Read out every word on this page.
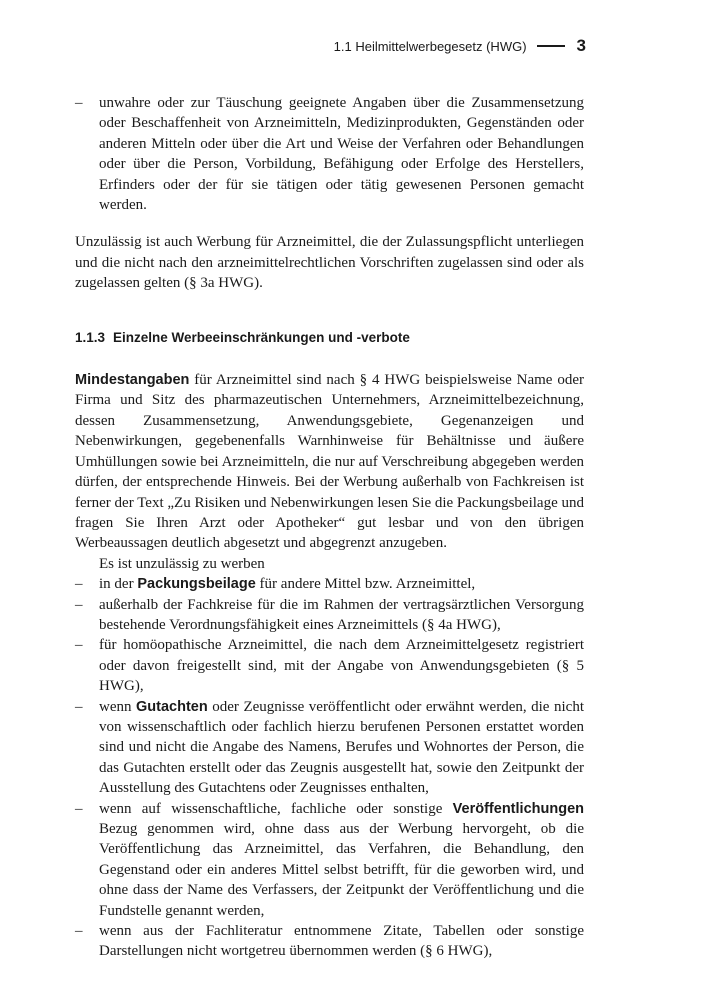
1.1 Heilmittelwerbegesetz (HWG)	3
– unwahre oder zur Täuschung geeignete Angaben über die Zusammensetzung oder Beschaffenheit von Arzneimitteln, Medizinprodukten, Gegenständen oder anderen Mitteln oder über die Art und Weise der Verfahren oder Behandlungen oder über die Person, Vorbildung, Befähigung oder Erfolge des Herstellers, Erfinders oder der für sie tätigen oder tätig gewesenen Personen gemacht werden.

Unzulässig ist auch Werbung für Arzneimittel, die der Zulassungspflicht unterliegen und die nicht nach den arzneimittelrechtlichen Vorschriften zugelassen sind oder als zugelassen gelten (§ 3a HWG).

1.1.3 Einzelne Werbeeinschränkungen und -verbote

Mindestangaben für Arzneimittel sind nach § 4 HWG beispielsweise Name oder Firma und Sitz des pharmazeutischen Unternehmers, Arzneimittelbezeichnung, dessen Zusammensetzung, Anwendungsgebiete, Gegenanzeigen und Nebenwirkungen, gegebenenfalls Warnhinweise für Behältnisse und äußere Umhüllungen sowie bei Arzneimitteln, die nur auf Verschreibung abgegeben werden dürfen, der entsprechende Hinweis. Bei der Werbung außerhalb von Fachkreisen ist ferner der Text „Zu Risiken und Nebenwirkungen lesen Sie die Packungsbeilage und fragen Sie Ihren Arzt oder Apotheker“ gut lesbar und von den übrigen Werbeaussagen deutlich abgesetzt und abgegrenzt anzugeben.

Es ist unzulässig zu werben

– in der Packungsbeilage für andere Mittel bzw. Arzneimittel,
– außerhalb der Fachkreise für die im Rahmen der vertragsärztlichen Versorgung bestehende Verordnungsfähigkeit eines Arzneimittels (§ 4a HWG),
– für homöopathische Arzneimittel, die nach dem Arzneimittelgesetz registriert oder davon freigestellt sind, mit der Angabe von Anwendungsgebieten (§ 5 HWG),
– wenn Gutachten oder Zeugnisse veröffentlicht oder erwähnt werden, die nicht von wissenschaftlich oder fachlich hierzu berufenen Personen erstattet worden sind und nicht die Angabe des Namens, Berufes und Wohnortes der Person, die das Gutachten erstellt oder das Zeugnis ausgestellt hat, sowie den Zeitpunkt der Ausstellung des Gutachtens oder Zeugnisses enthalten,
– wenn auf wissenschaftliche, fachliche oder sonstige Veröffentlichungen Bezug genommen wird, ohne dass aus der Werbung hervorgeht, ob die Veröffentlichung das Arzneimittel, das Verfahren, die Behandlung, den Gegenstand oder ein anderes Mittel selbst betrifft, für die geworben wird, und ohne dass der Name des Verfassers, der Zeitpunkt der Veröffentlichung und die Fundstelle genannt werden,
– wenn aus der Fachliteratur entnommene Zitate, Tabellen oder sonstige Darstellungen nicht wortgetreu übernommen werden (§ 6 HWG),
